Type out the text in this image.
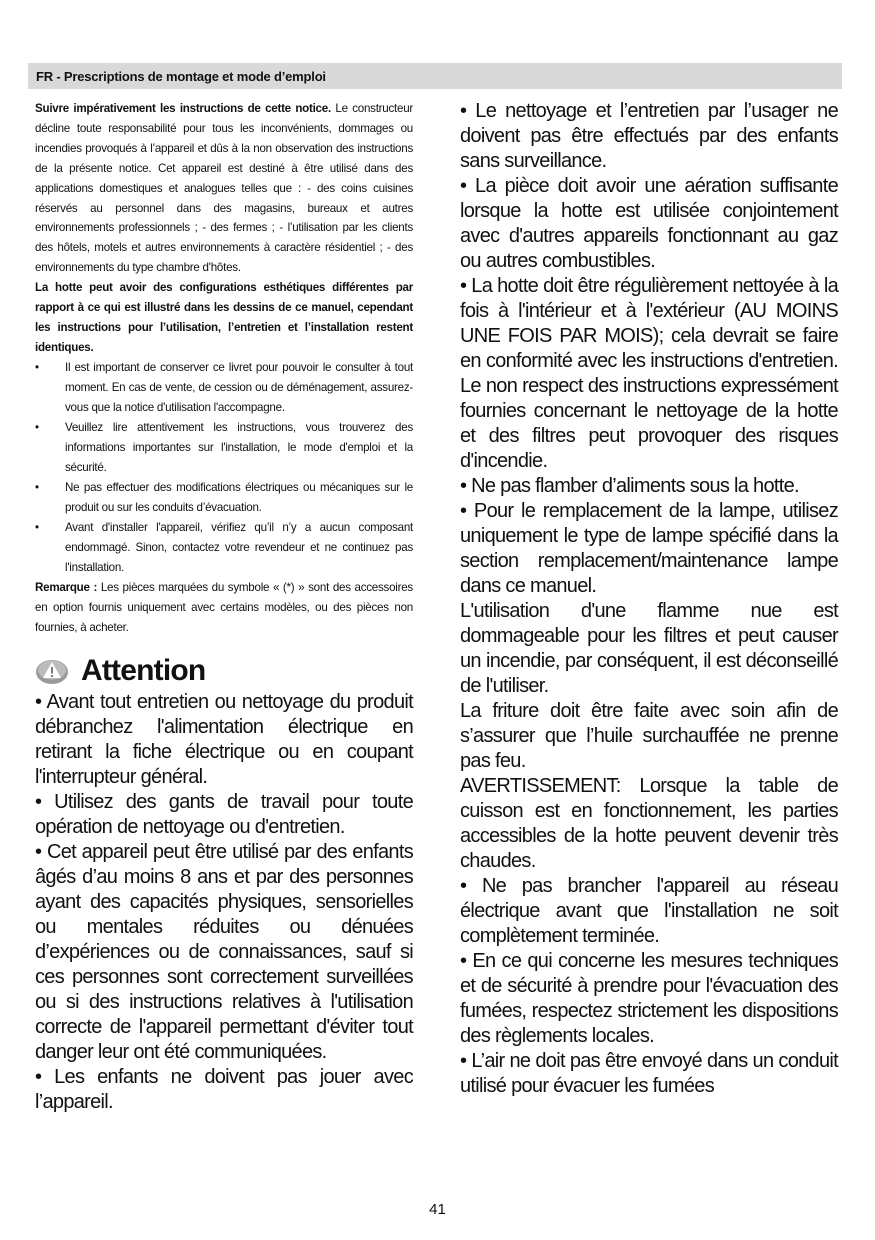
FR - Prescriptions de montage et mode d’emploi

Suivre impérativement les instructions de cette notice. Le constructeur décline toute responsabilité pour tous les inconvénients, dommages ou incendies provoqués à l’appareil et dûs à la non observation des instructions de la présente notice. Cet appareil est destiné à être utilisé dans des applications domestiques et analogues telles que : - des coins cuisines réservés au personnel dans des magasins, bureaux et autres environnements professionnels ; - des fermes ; - l’utilisation par les clients des hôtels, motels et autres environnements à caractère résidentiel ; - des environnements du type chambre d'hôtes.

La hotte peut avoir des configurations esthétiques différentes par rapport à ce qui est illustré dans les dessins de ce manuel, cependant les instructions pour l’utilisation, l’entretien et l’installation restent identiques.

• Il est important de conserver ce livret pour pouvoir le consulter à tout moment. En cas de vente, de cession ou de déménagement, assurez-vous que la notice d'utilisation l'accompagne.
• Veuillez lire attentivement les instructions, vous trouverez des informations importantes sur l'installation, le mode d'emploi et la sécurité.
• Ne pas effectuer des modifications électriques ou mécaniques sur le produit ou sur les conduits d’évacuation.
• Avant d'installer l'appareil, vérifiez qu’il n’y a aucun composant endommagé. Sinon, contactez votre revendeur et ne continuez pas l'installation.

Remarque : Les pièces marquées du symbole « (*) » sont des accessoires en option fournis uniquement avec certains modèles, ou des pièces non fournies, à acheter.

Attention

• Avant tout entretien ou nettoyage du produit débranchez l'alimentation électrique en retirant la fiche électrique ou en coupant l'interrupteur général.

• Utilisez des gants de travail pour toute opération de nettoyage ou d'entretien.

• Cet appareil peut être utilisé par des enfants âgés d’au moins 8 ans et par des personnes ayant des capacités physiques, sensorielles ou mentales réduites ou dénuées d’expériences ou de connaissances, sauf si ces personnes sont correctement surveillées ou si des instructions relatives à l'utilisation correcte de l'appareil permettant d'éviter tout danger leur ont été communiquées.

• Les enfants ne doivent pas jouer avec l’appareil.

• Le nettoyage et l’entretien par l’usager ne doivent pas être effectués par des enfants sans surveillance.

• La pièce doit avoir une aération suffisante lorsque la hotte est utilisée conjointement avec d'autres appareils fonctionnant au gaz ou autres combustibles.

• La hotte doit être régulièrement nettoyée à la fois à l'intérieur et à l'extérieur (AU MOINS UNE FOIS PAR MOIS); cela devrait se faire en conformité avec les instructions d'entretien. Le non respect des instructions expressément fournies concernant le nettoyage de la hotte et des filtres peut provoquer des risques d'incendie.

• Ne pas flamber d’aliments sous la hotte.

• Pour le remplacement de la lampe, utilisez uniquement le type de lampe spécifié dans la section remplacement/maintenance lampe dans ce manuel.

L'utilisation d'une flamme nue est dommageable pour les filtres et peut causer un incendie, par conséquent, il est déconseillé de l'utiliser.

La friture doit être faite avec soin afin de s’assurer que l’huile surchauffée ne prenne pas feu.

AVERTISSEMENT: Lorsque la table de cuisson est en fonctionnement, les parties accessibles de la hotte peuvent devenir très chaudes.

• Ne pas brancher l'appareil au réseau électrique avant que l'installation ne soit complètement terminée.

• En ce qui concerne les mesures techniques et de sécurité à prendre pour l'évacuation des fumées, respectez strictement les dispositions des règlements locales.

• L’air ne doit pas être envoyé dans un conduit utilisé pour évacuer les fumées

41
